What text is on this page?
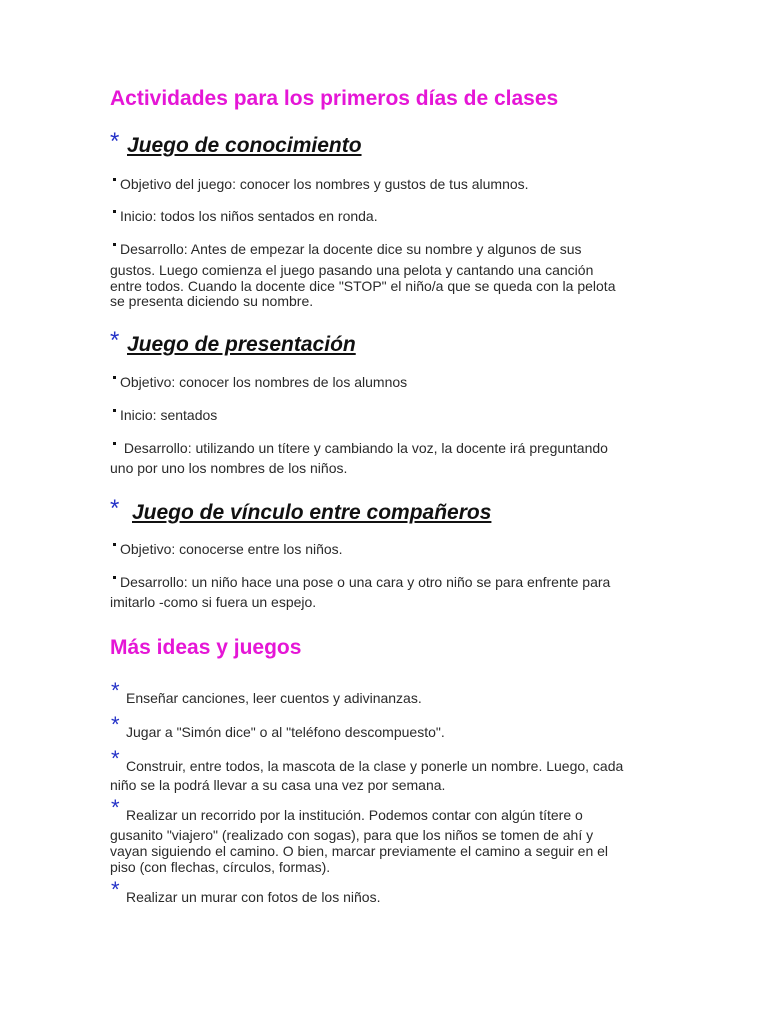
Actividades para los primeros días de clases
* Juego de conocimiento
Objetivo del juego: conocer los nombres y gustos de tus alumnos.
Inicio: todos los niños sentados en ronda.
Desarrollo: Antes de empezar la docente dice su nombre y algunos de sus
gustos. Luego comienza el juego pasando una pelota y cantando una canción
entre todos. Cuando la docente dice "STOP" el niño/a que se queda con la pelota
se presenta diciendo su nombre.
* Juego de presentación
Objetivo: conocer los nombres de los alumnos
Inicio: sentados
Desarrollo: utilizando un títere y cambiando la voz, la docente irá preguntando
uno por uno los nombres de los niños.
* Juego de vínculo entre compañeros
Objetivo: conocerse entre los niños.
Desarrollo: un niño hace una pose o una cara y otro niño se para enfrente para
imitarlo -como si fuera un espejo.
Más ideas y juegos
* Enseñar canciones, leer cuentos y adivinanzas.
* Jugar a "Simón dice" o al "teléfono descompuesto".
* Construir, entre todos, la mascota de la clase y ponerle un nombre. Luego, cada
niño se la podrá llevar a su casa una vez por semana.
* Realizar un recorrido por la institución. Podemos contar con algún títere o
gusanito "viajero" (realizado con sogas), para que los niños se tomen de ahí y
vayan siguiendo el camino. O bien, marcar previamente el camino a seguir en el
piso (con flechas, círculos, formas).
* Realizar un murar con fotos de los niños.
